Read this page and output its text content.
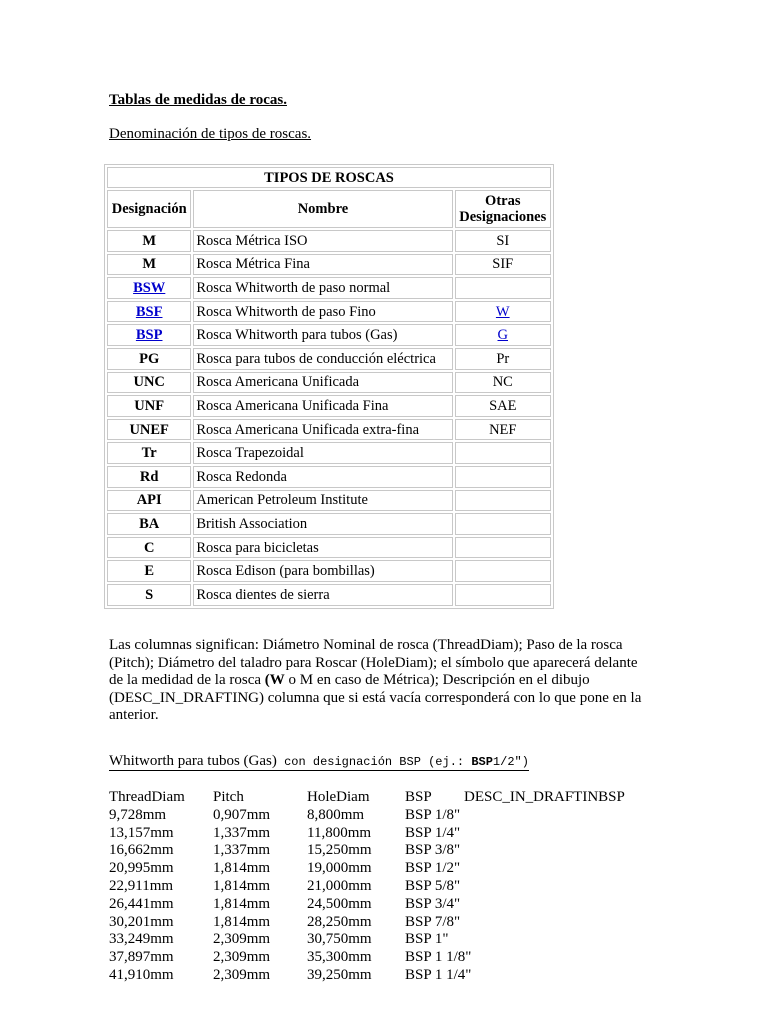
Tablas de medidas de rocas.

Denominación de tipos de roscas.

TIPOS DE ROSCAS		
Designación	Nombre	Otras
Designaciones
M	Rosca Métrica ISO	SI
M	Rosca Métrica Fina	SIF
BSW	Rosca Whitworth de paso normal	
BSF	Rosca Whitworth de paso Fino	W
BSP	Rosca Whitworth para tubos (Gas)	G
PG	Rosca para tubos de conducción eléctrica	Pr
UNC	Rosca Americana Unificada	NC
UNF	Rosca Americana Unificada Fina	SAE
UNEF	Rosca Americana Unificada extra-fina	NEF
Tr	Rosca Trapezoidal	
Rd	Rosca Redonda	
API	American Petroleum Institute	
BA	British Association	
C	Rosca para bicicletas	
E	Rosca Edison (para bombillas)	
S	Rosca dientes de sierra	

Las columnas significan: Diámetro Nominal de rosca (ThreadDiam); Paso de la rosca (Pitch); Diámetro del taladro para Roscar (HoleDiam); el símbolo que aparecerá delante de la medidad de la rosca (W o M en caso de Métrica); Descripción en el dibujo (DESC_IN_DRAFTING) columna que si está vacía corresponderá con lo que pone en la anterior.

Whitworth para tubos (Gas) con designación BSP (ej.: BSP1/2")

ThreadDiam Pitch	HoleDiam BSP DESC_IN_DRAFTINBSP
9,728mm	0,907mm 8,800mm	BSP 1/8"
13,157mm	1,337mm 11,800mm BSP 1/4"
16,662mm	1,337mm 15,250mm BSP 3/8"
20,995mm	1,814mm 19,000mm BSP 1/2"
22,911mm	1,814mm 21,000mm BSP 5/8"
26,441mm	1,814mm 24,500mm BSP 3/4"
30,201mm	1,814mm 28,250mm BSP 7/8"
33,249mm	2,309mm 30,750mm BSP 1"
37,897mm	2,309mm 35,300mm BSP 1 1/8"
41,910mm	2,309mm 39,250mm BSP 1 1/4"
